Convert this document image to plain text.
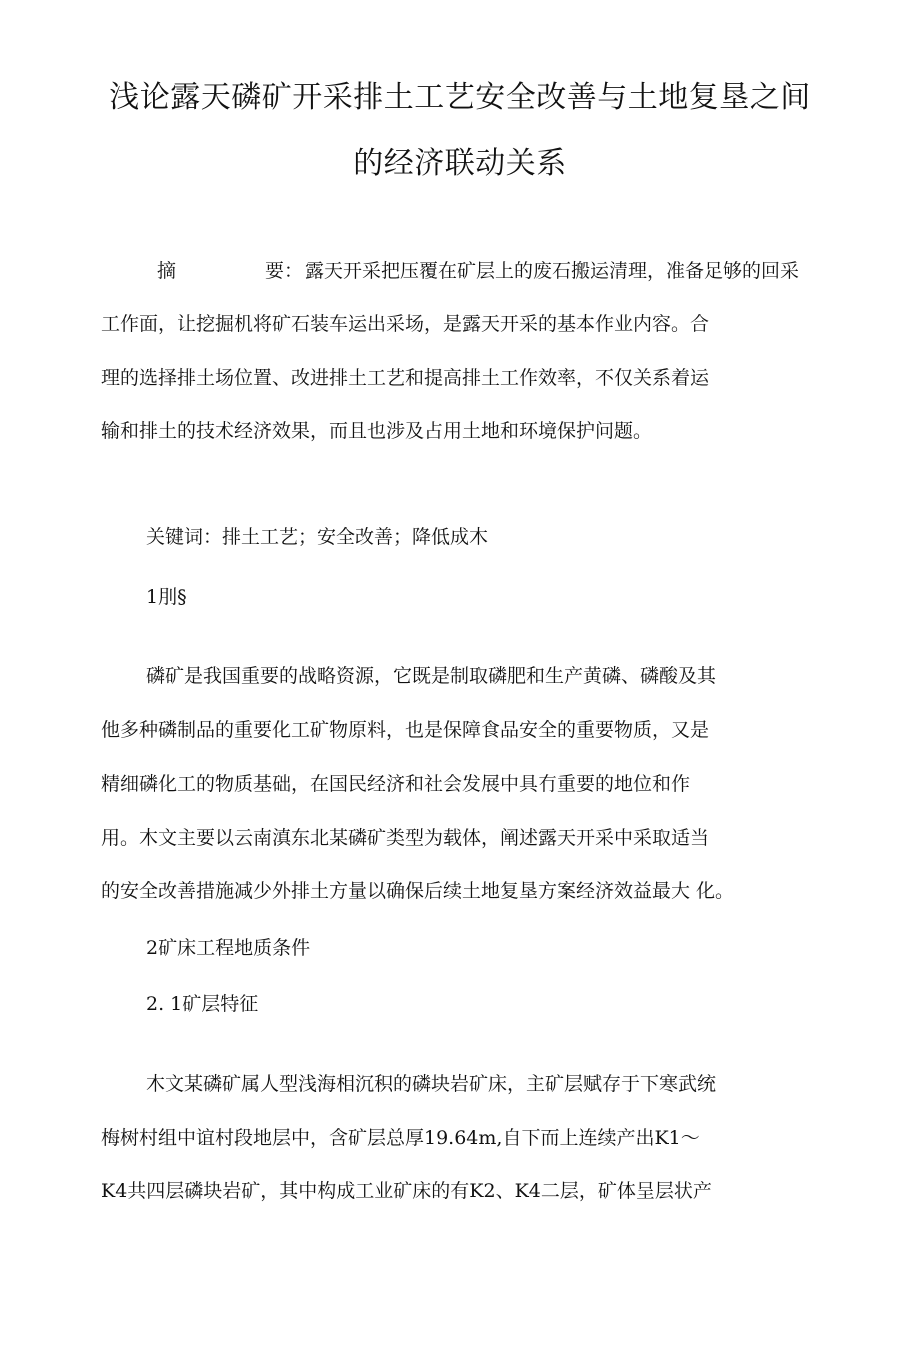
浅论露天磷矿开采排土工艺安全改善与土地复垦之间
的经济联动关系
摘	要： 露天开采把压覆在矿层上的废石搬运清理，准备足够的回采
工作面，让挖掘机将矿石装车运出采场，是露天开采的基本作业内容。合
理的选择排土场位置、改进排土工艺和提高排土工作效率，不仅关系着运
输和排土的技术经济效果，而且也涉及占用土地和环境保护问题。
关键词：排土工艺；安全改善；降低成木
1刖§
磷矿是我国重要的战略资源，它既是制取磷肥和生产黄磷、磷酸及其
他多种磷制品的重要化工矿物原料，也是保障食品安全的重要物质，又是
精细磷化工的物质基础，在国民经济和社会发展中具冇重要的地位和作
用。木文主要以云南滇东北某磷矿类型为载体，阐述露天开采中采取适当
的安全改善措施减少外排土方量以确保后续土地复垦方案经济效益最大 化。
2矿床工程地质条件
2. 1矿层特征
木文某磷矿属人型浅海相沉积的磷块岩矿床，主矿层赋存于下寒武统
梅树村组中谊村段地层中，含矿层总厚19.64m,自下而上连续产出K1～
K4共四层磷块岩矿，其中构成工业矿床的有K2、K4二层，矿体呈层状产
